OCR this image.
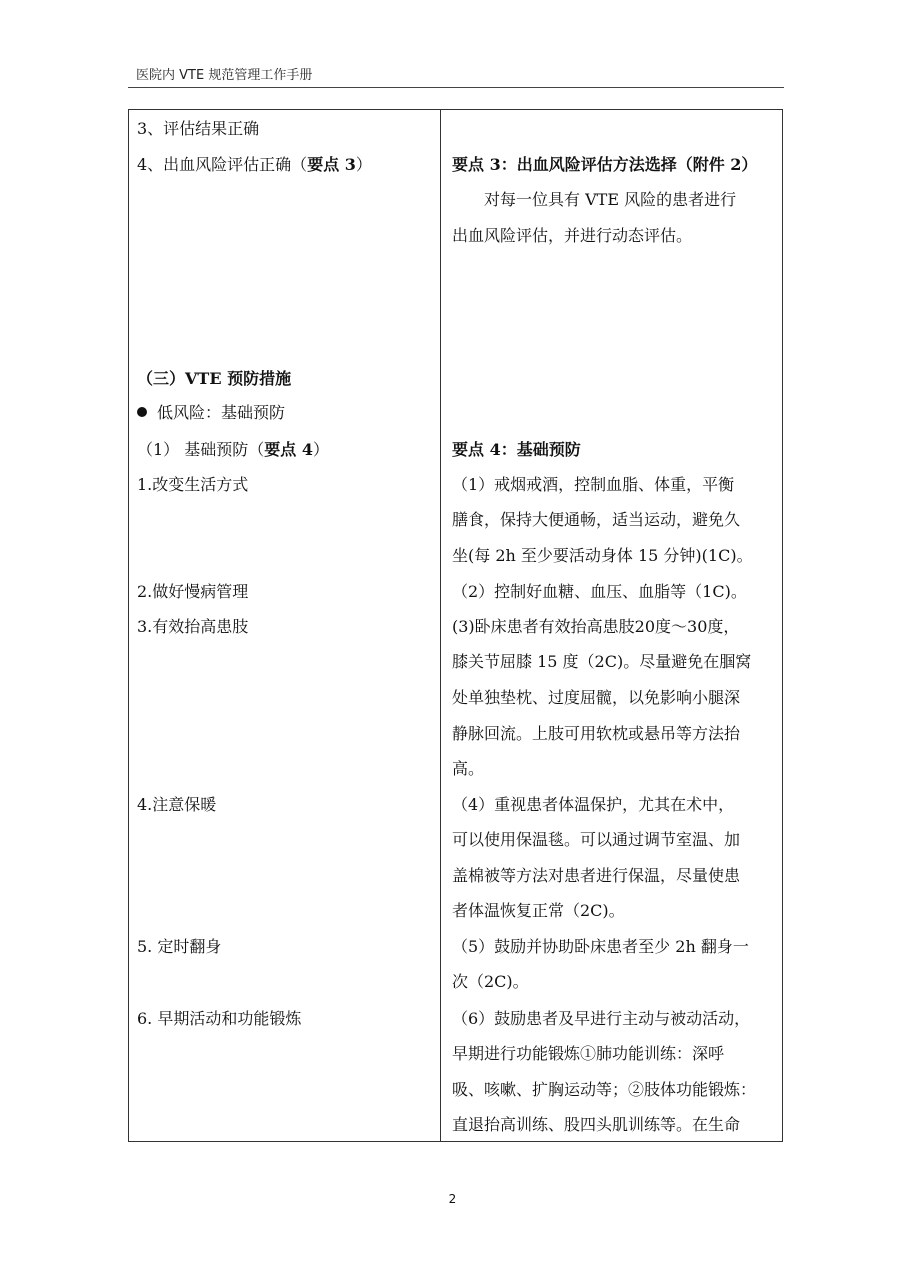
医院内 VTE 规范管理工作手册
3、评估结果正确
4、出血风险评估正确（要点 3）
（三）VTE 预防措施
低风险：基础预防
（1） 基础预防（要点 4）
1.改变生活方式
2.做好慢病管理
3.有效抬高患肢
4.注意保暖
5. 定时翻身
6. 早期活动和功能锻炼
要点 3：出血风险评估方法选择（附件 2）
对每一位具有 VTE 风险的患者进行
出血风险评估，并进行动态评估。
要点 4：基础预防
（1）戒烟戒酒，控制血脂、体重，平衡
膳食，保持大便通畅，适当运动，避免久
坐(每 2h 至少要活动身体 15 分钟)(1C)。
（2）控制好血糖、血压、血脂等（1C)。
(3)卧床患者有效抬高患肢20度～30度，
膝关节屈膝 15 度（2C)。尽量避免在腘窝
处单独垫枕、过度屈髋，以免影响小腿深
静脉回流。上肢可用软枕或悬吊等方法抬
高。
（4）重视患者体温保护，尤其在术中，
可以使用保温毯。可以通过调节室温、加
盖棉被等方法对患者进行保温，尽量使患
者体温恢复正常（2C)。
（5）鼓励并协助卧床患者至少 2h 翻身一
次（2C)。
（6）鼓励患者及早进行主动与被动活动，
早期进行功能锻炼①肺功能训练：深呼
吸、咳嗽、扩胸运动等；②肢体功能锻炼：
直退抬高训练、股四头肌训练等。在生命
2
